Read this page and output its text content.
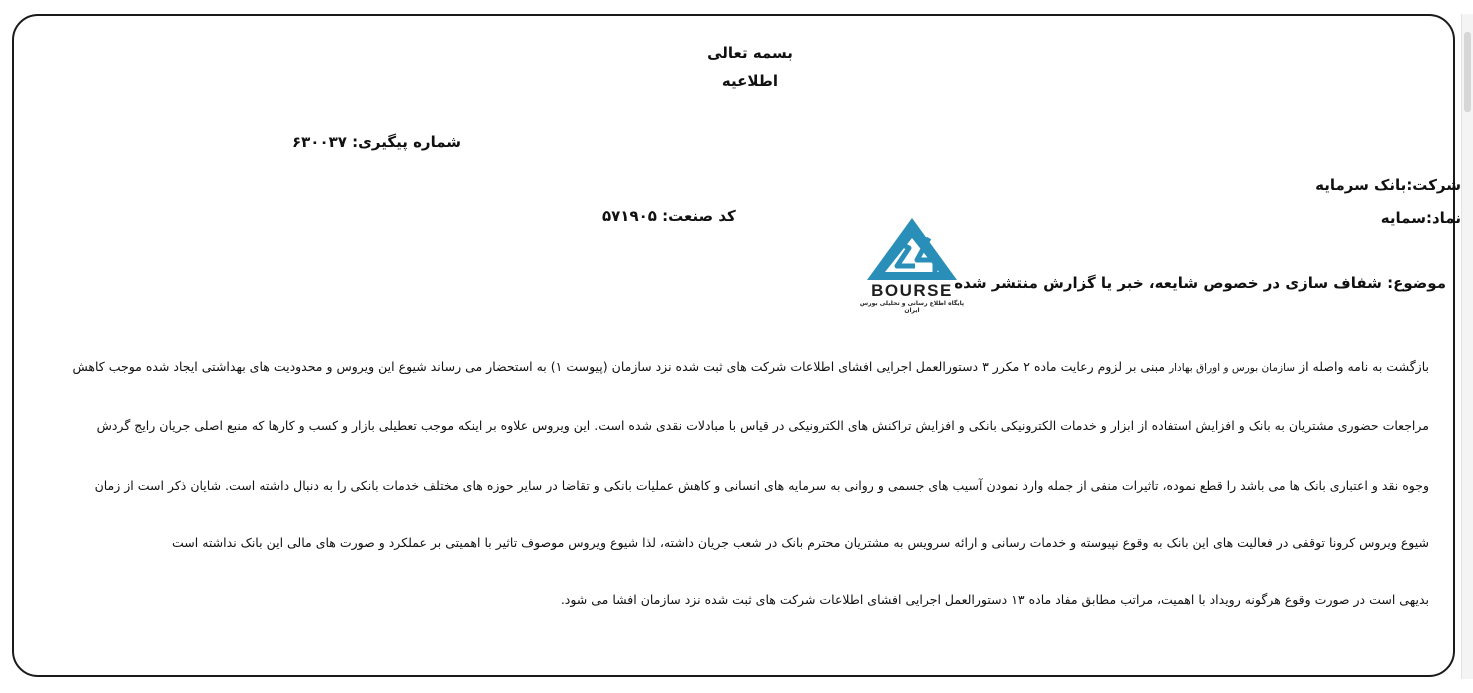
بسمه تعالی
اطلاعیه
شماره پیگیری: ۶۳۰۰۳۷
شرکت:بانک سرمایه
نماد:سمایه
کد صنعت: ۵۷۱۹۰۵
موضوع: شفاف سازی در خصوص شایعه، خبر یا گزارش منتشر شده
BOURSE
پایگاه اطلاع رسانی و تحلیلی بورس ایران
بازگشت به نامه واصله از سازمان بورس و اوراق بهادار مبنی بر لزوم رعایت ماده ۲ مکرر ۳ دستورالعمل اجرایی افشای اطلاعات شرکت های ثبت شده نزد سازمان (پیوست ۱) به استحضار می رساند شیوع این ویروس و محدودیت های بهداشتی ایجاد شده موجب کاهش
مراجعات حضوری مشتریان به بانک و افزایش استفاده از ابزار و خدمات الکترونیکی بانکی و افزایش تراکنش های الکترونیکی در قیاس با مبادلات نقدی شده است. این ویروس علاوه بر اینکه موجب تعطیلی بازار و کسب و کارها که منبع اصلی جریان رایج گردش
وجوه نقد و اعتباری بانک ها می باشد را قطع نموده، تاثیرات منفی از جمله وارد نمودن آسیب های جسمی و روانی به سرمایه های انسانی و کاهش عملیات بانکی و تقاضا در سایر حوزه های مختلف خدمات بانکی را به دنبال داشته است. شایان ذکر است از زمان
شیوع ویروس کرونا توقفی در فعالیت های این بانک به وقوع نپیوسته و خدمات رسانی و ارائه سرویس به مشتریان محترم بانک در شعب جریان داشته، لذا شیوع ویروس موصوف تاثیر با اهمیتی بر عملکرد و صورت های مالی این بانک نداشته است
بدیهی است در صورت وقوع هرگونه رویداد با اهمیت، مراتب مطابق مفاد ماده ۱۳ دستورالعمل اجرایی افشای اطلاعات شرکت های ثبت شده نزد سازمان افشا می شود.
